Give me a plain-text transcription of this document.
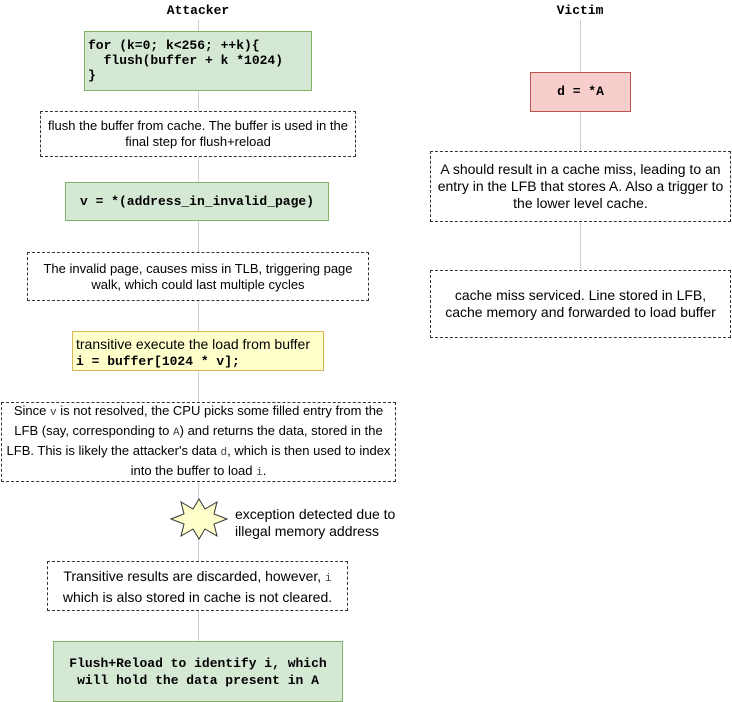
Attacker	Victim
for (k=0; k<256; ++k){
flush(buffer + k *1024)
}
flush the buffer from cache. The buffer is used in the final step for flush+reload
v = *(address_in_invalid_page)
The invalid page, causes miss in TLB, triggering page walk, which could last multiple cycles
transitive execute the load from buffer
i = buffer[1024 * v];
Since v is not resolved, the CPU picks some filled entry from the LFB (say, corresponding to A) and returns the data, stored in the LFB. This is likely the attacker's data d, which is then used to index into the buffer to load i.
exception detected due to illegal memory address
Transitive results are discarded, however, i which is also stored in cache is not cleared.
Flush+Reload to identify i, which will hold the data present in A
d = *A
A should result in a cache miss, leading to an entry in the LFB that stores A. Also a trigger to the lower level cache.
cache miss serviced. Line stored in LFB, cache memory and forwarded to load buffer
